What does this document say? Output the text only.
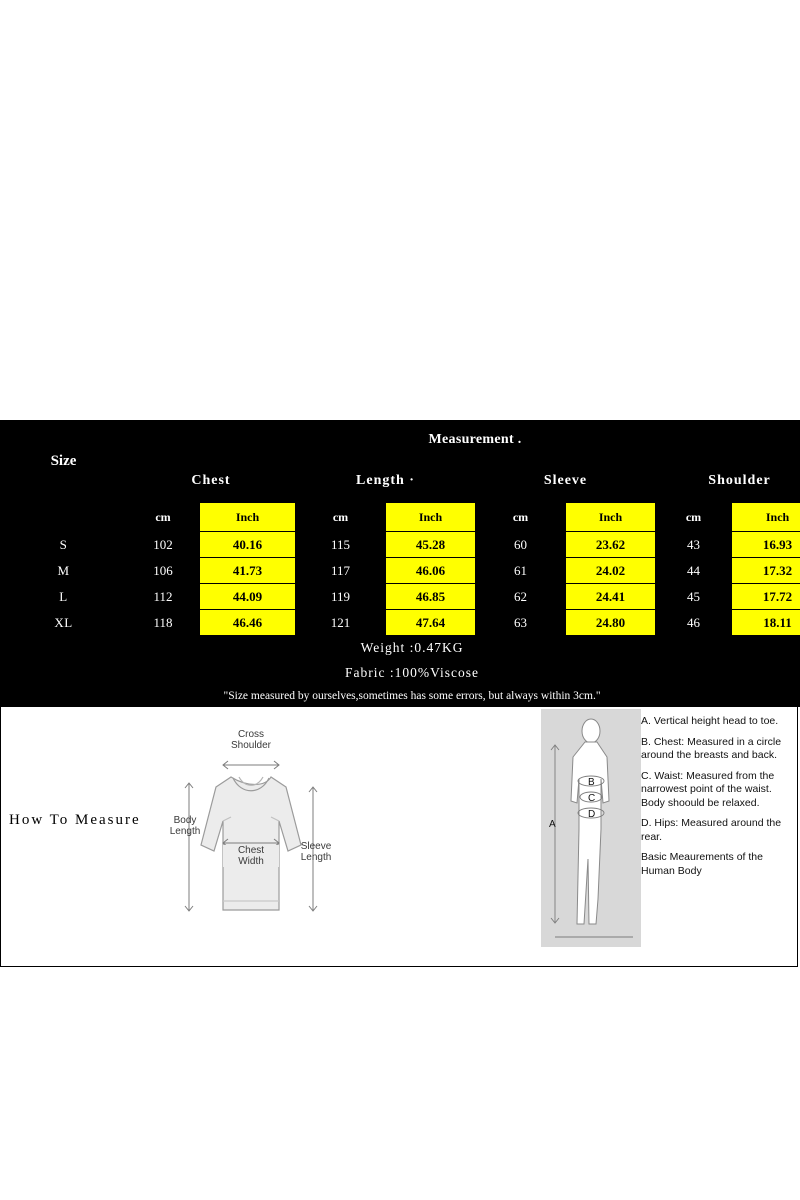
Size	Measurement .							
	Chest		Length ·		Sleeve		Shoulder	
	cm	Inch	cm	Inch	cm	Inch	cm	Inch
S	102	40.16	115	45.28	60	23.62	43	16.93
M	106	41.73	117	46.06	61	24.02	44	17.32
L	112	44.09	119	46.85	62	24.41	45	17.72
XL	118	46.46	121	47.64	63	24.80	46	18.11
Weight :0.47KG								
Fabric :100%Viscose								
"Size measured by ourselves,sometimes has some errors, but always within 3cm."								
How To Measure
Cross
Shoulder
Body
Length
Chest
Width
Sleeve
Length
A
B
C
D

A. Vertical height head to toe.

B. Chest: Measured in a circle around the breasts and back.

C. Waist: Measured from the narrowest point of the waist. Body shoould be relaxed.

D. Hips: Measured around the rear.

Basic Meaurements of the Human Body
